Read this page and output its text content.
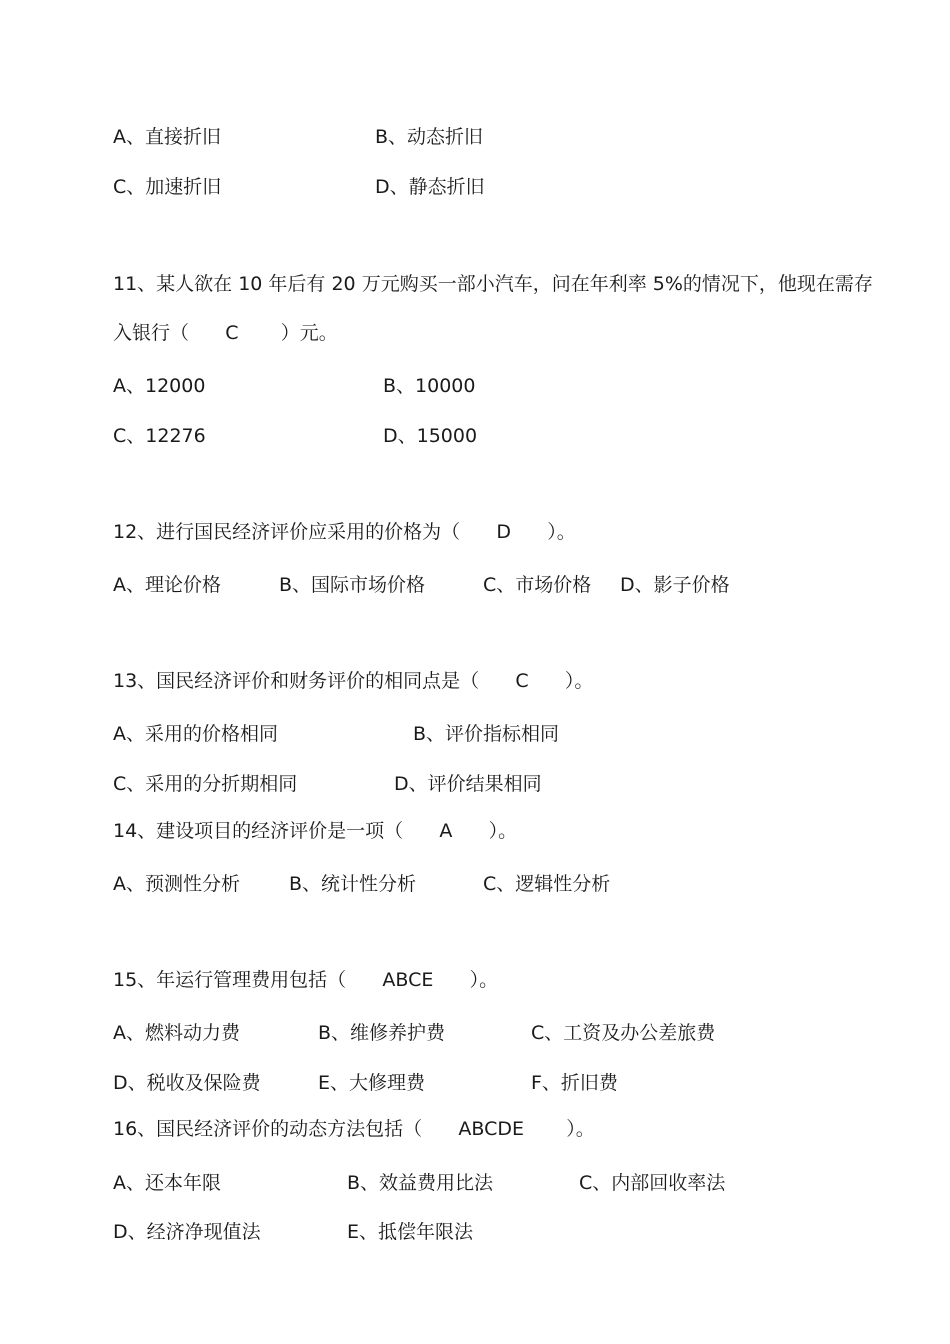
A、直接折旧	B、动态折旧
C、加速折旧	D、静态折旧
11、某人欲在 10 年后有 20 万元购买一部小汽车，问在年利率 5%的情况下，他现在需存
入银行（      C       ）元。
A、12000	B、10000
C、12276	D、15000
12、进行国民经济评价应采用的价格为（      D      ）。
A、理论价格	B、国际市场价格	C、市场价格 D、影子价格
13、国民经济评价和财务评价的相同点是（      C      ）。
A、采用的价格相同	B、评价指标相同
C、采用的分折期相同	D、评价结果相同
14、建设项目的经济评价是一项（      A      ）。
A、预测性分析	B、统计性分析	C、逻辑性分析
15、年运行管理费用包括（      ABCE      ）。
A、燃料动力费	B、维修养护费	C、工资及办公差旅费
D、税收及保险费	E、大修理费	F、折旧费
16、国民经济评价的动态方法包括（      ABCDE       ）。
A、还本年限	B、效益费用比法	C、内部回收率法
D、经济净现值法	E、抵偿年限法
